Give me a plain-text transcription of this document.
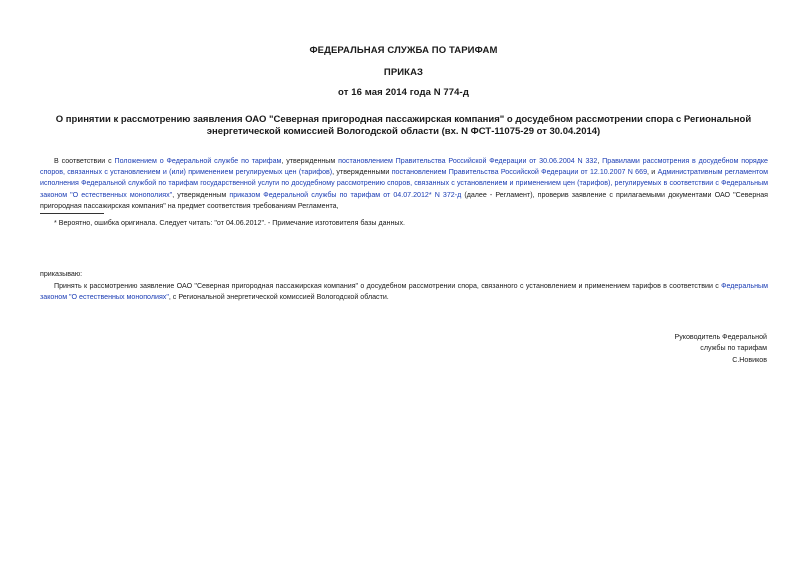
ФЕДЕРАЛЬНАЯ СЛУЖБА ПО ТАРИФАМ
ПРИКАЗ
от 16 мая 2014 года N 774-д
О принятии к рассмотрению заявления ОАО "Северная пригородная пассажирская компания" о досудебном рассмотрении спора с Региональной энергетической комиссией Вологодской области (вх. N ФСТ-11075-29 от 30.04.2014)
В соответствии с Положением о Федеральной службе по тарифам, утвержденным постановлением Правительства Российской Федерации от 30.06.2004 N 332, Правилами рассмотрения в досудебном порядке споров, связанных с установлением и (или) применением регулируемых цен (тарифов), утвержденными постановлением Правительства Российской Федерации от 12.10.2007 N 669, и Административным регламентом исполнения Федеральной службой по тарифам государственной услуги по досудебному рассмотрению споров, связанных с установлением и применением цен (тарифов), регулируемых в соответствии с Федеральным законом "О естественных монополиях", утвержденным приказом Федеральной службы по тарифам от 04.07.2012* N 372-д (далее - Регламент), проверив заявление с прилагаемыми документами ОАО "Северная пригородная пассажирская компания" на предмет соответствия требованиям Регламента,
* Вероятно, ошибка оригинала. Следует читать: "от 04.06.2012". - Примечание изготовителя базы данных.
приказываю:
Принять к рассмотрению заявление ОАО "Северная пригородная пассажирская компания" о досудебном рассмотрении спора, связанного с установлением и применением тарифов в соответствии с Федеральным законом "О естественных монополиях", с Региональной энергетической комиссией Вологодской области.
Руководитель Федеральной
службы по тарифам
С.Новиков
